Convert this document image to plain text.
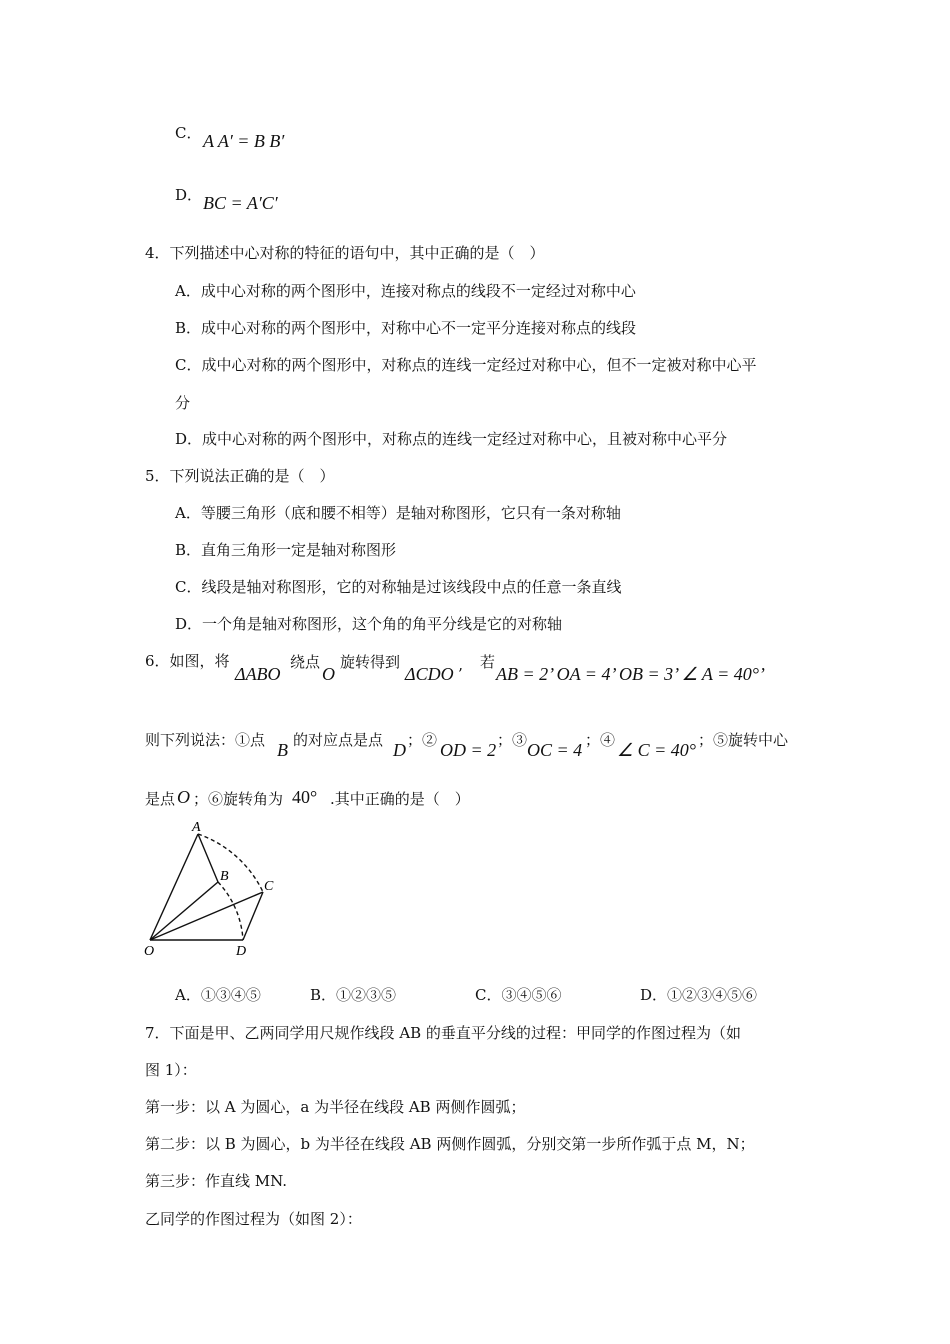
C． A A′ = B B′
D． BC = A′C′
4．下列描述中心对称的特征的语句中，其中正确的是（　）
A．成中心对称的两个图形中，连接对称点的线段不一定经过对称中心
B．成中心对称的两个图形中，对称中心不一定平分连接对称点的线段
C．成中心对称的两个图形中，对称点的连线一定经过对称中心，但不一定被对称中心平
分
D．成中心对称的两个图形中，对称点的连线一定经过对称中心，且被对称中心平分
5．下列说法正确的是（　）
A．等腰三角形（底和腰不相等）是轴对称图形，它只有一条对称轴
B．直角三角形一定是轴对称图形
C．线段是轴对称图形，它的对称轴是过该线段中点的任意一条直线
D．一个角是轴对称图形，这个角的角平分线是它的对称轴
6．如图，将
ΔABO
绕点
O
旋转得到
ΔCDO ’
若
AB = 2’ OA = 4’ OB = 3’ ∠ A = 40°’
则下列说法：①点 B 的对应点是点 D ；② OD = 2 ；③ OC = 4 ；④ ∠ C = 40° ；⑤旋转中心
是点 O ；⑥旋转角为 40° .其中正确的是（　）
A
B
C
D
O
A．①③④⑤	B．①②③⑤	C．③④⑤⑥	D．①②③④⑤⑥
7．下面是甲、乙两同学用尺规作线段 AB 的垂直平分线的过程：甲同学的作图过程为（如
图 1）：
第一步：以 A 为圆心，a 为半径在线段 AB 两侧作圆弧；
第二步：以 B 为圆心，b 为半径在线段 AB 两侧作圆弧，分别交第一步所作弧于点 M，N；
第三步：作直线 MN.
乙同学的作图过程为（如图 2）：
